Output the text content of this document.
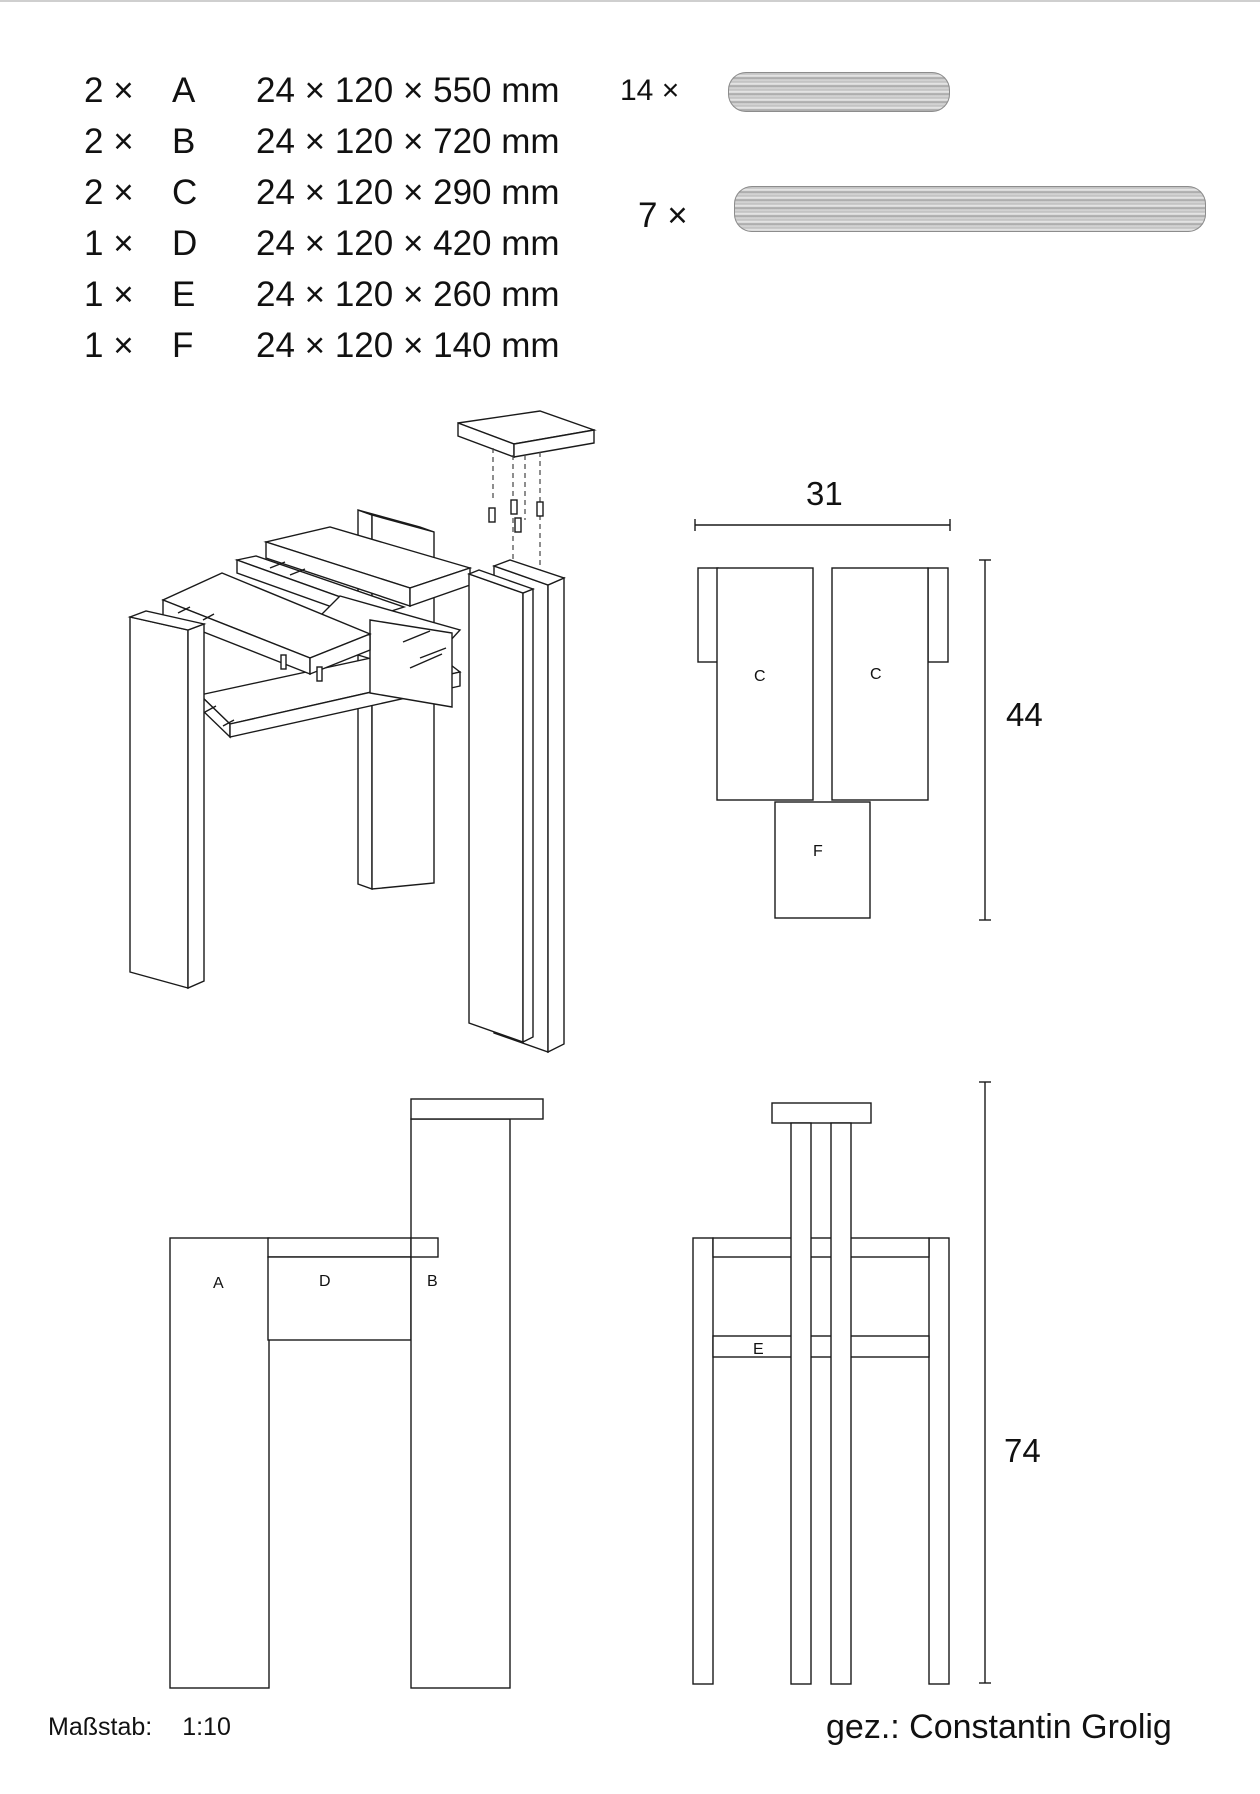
2 × A 24 × 120 × 550 mm
2 × B 24 × 120 × 720 mm
2 × C 24 × 120 × 290 mm
1 × D 24 × 120 × 420 mm
1 × E 24 × 120 × 260 mm
1 × F 24 × 120 × 140 mm
14 ×
7 ×
C	C
F
A	D	B
E
31
44
74
Maßstab: 1:10	gez.: Constantin Grolig
